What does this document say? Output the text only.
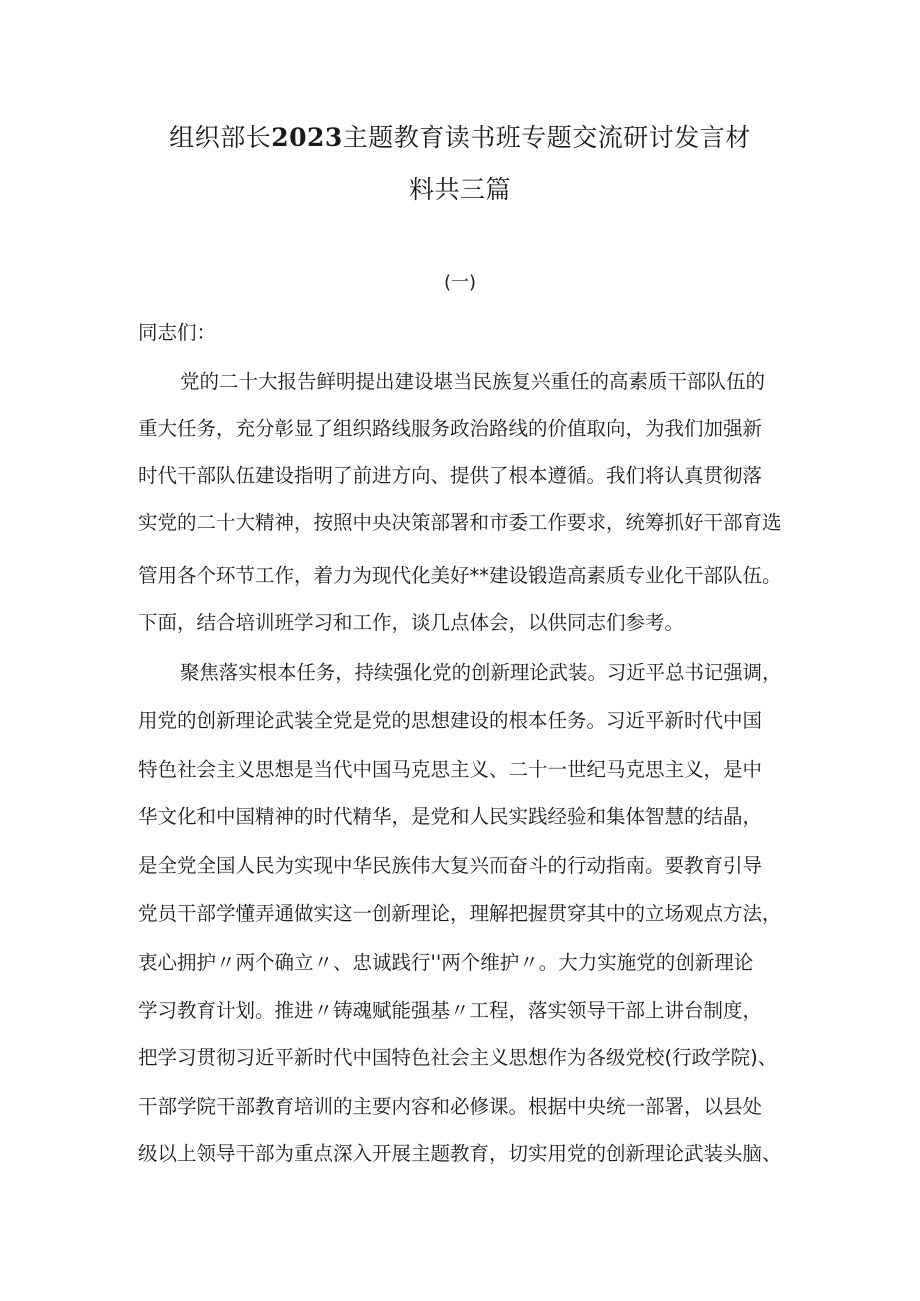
组织部长2023主题教育读书班专题交流研讨发言材
料共三篇
(一)
同志们：
党的二十大报告鲜明提出建设堪当民族复兴重任的高素质干部队伍的
重大任务，充分彰显了组织路线服务政治路线的价值取向，为我们加强新
时代干部队伍建设指明了前进方向、提供了根本遵循。我们将认真贯彻落
实党的二十大精神，按照中央决策部署和市委工作要求，统筹抓好干部育选
管用各个环节工作，着力为现代化美好**建设锻造高素质专业化干部队伍。
下面，结合培训班学习和工作，谈几点体会，以供同志们参考。
聚焦落实根本任务，持续强化党的创新理论武装。习近平总书记强调，
用党的创新理论武装全党是党的思想建设的根本任务。习近平新时代中国
特色社会主义思想是当代中国马克思主义、二十一世纪马克思主义，是中
华文化和中国精神的时代精华，是党和人民实践经验和集体智慧的结晶，
是全党全国人民为实现中华民族伟大复兴而奋斗的行动指南。要教育引导
党员干部学懂弄通做实这一创新理论，理解把握贯穿其中的立场观点方法，
衷心拥护〃两个确立〃、忠诚践行''两个维护〃。大力实施党的创新理论
学习教育计划。推进〃铸魂赋能强基〃工程，落实领导干部上讲台制度，
把学习贯彻习近平新时代中国特色社会主义思想作为各级党校(行政学院)、
干部学院干部教育培训的主要内容和必修课。根据中央统一部署，以县处
级以上领导干部为重点深入开展主题教育，切实用党的创新理论武装头脑、
